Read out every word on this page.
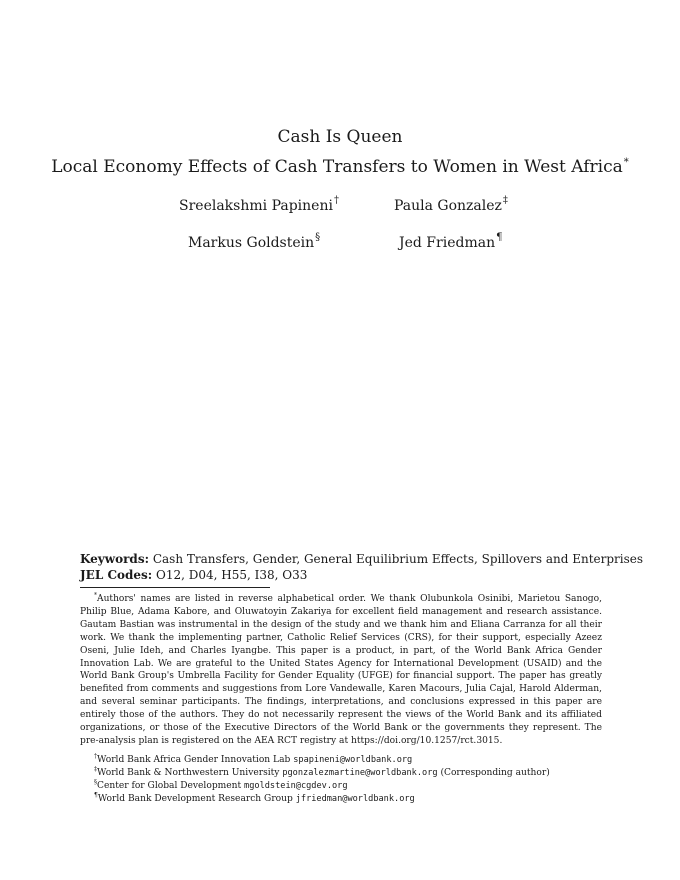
Cash Is Queen
Local Economy Effects of Cash Transfers to Women in West Africa*
Sreelakshmi Papineni†	Paula Gonzalez‡
Markus Goldstein§	Jed Friedman¶
Keywords: Cash Transfers, Gender, General Equilibrium Effects, Spillovers and Enterprises
JEL Codes: O12, D04, H55, I38, O33
*Authors' names are listed in reverse alphabetical order. We thank Olubunkola Osinibi, Marietou Sanogo, Philip Blue, Adama Kabore, and Oluwatoyin Zakariya for excellent field management and research assistance. Gautam Bastian was instrumental in the design of the study and we thank him and Eliana Carranza for all their work. We thank the implementing partner, Catholic Relief Services (CRS), for their support, especially Azeez Oseni, Julie Ideh, and Charles Iyangbe. This paper is a product, in part, of the World Bank Africa Gender Innovation Lab. We are grateful to the United States Agency for International Development (USAID) and the World Bank Group's Umbrella Facility for Gender Equality (UFGE) for financial support. The paper has greatly benefited from comments and suggestions from Lore Vandewalle, Karen Macours, Julia Cajal, Harold Alderman, and several seminar participants. The findings, interpretations, and conclusions expressed in this paper are entirely those of the authors. They do not necessarily represent the views of the World Bank and its affiliated organizations, or those of the Executive Directors of the World Bank or the governments they represent. The pre-analysis plan is registered on the AEA RCT registry at https://doi.org/10.1257/rct.3015.
†World Bank Africa Gender Innovation Lab spapineni@worldbank.org
‡World Bank & Northwestern University pgonzalezmartine@worldbank.org (Corresponding author)
§Center for Global Development mgoldstein@cgdev.org
¶World Bank Development Research Group jfriedman@worldbank.org
